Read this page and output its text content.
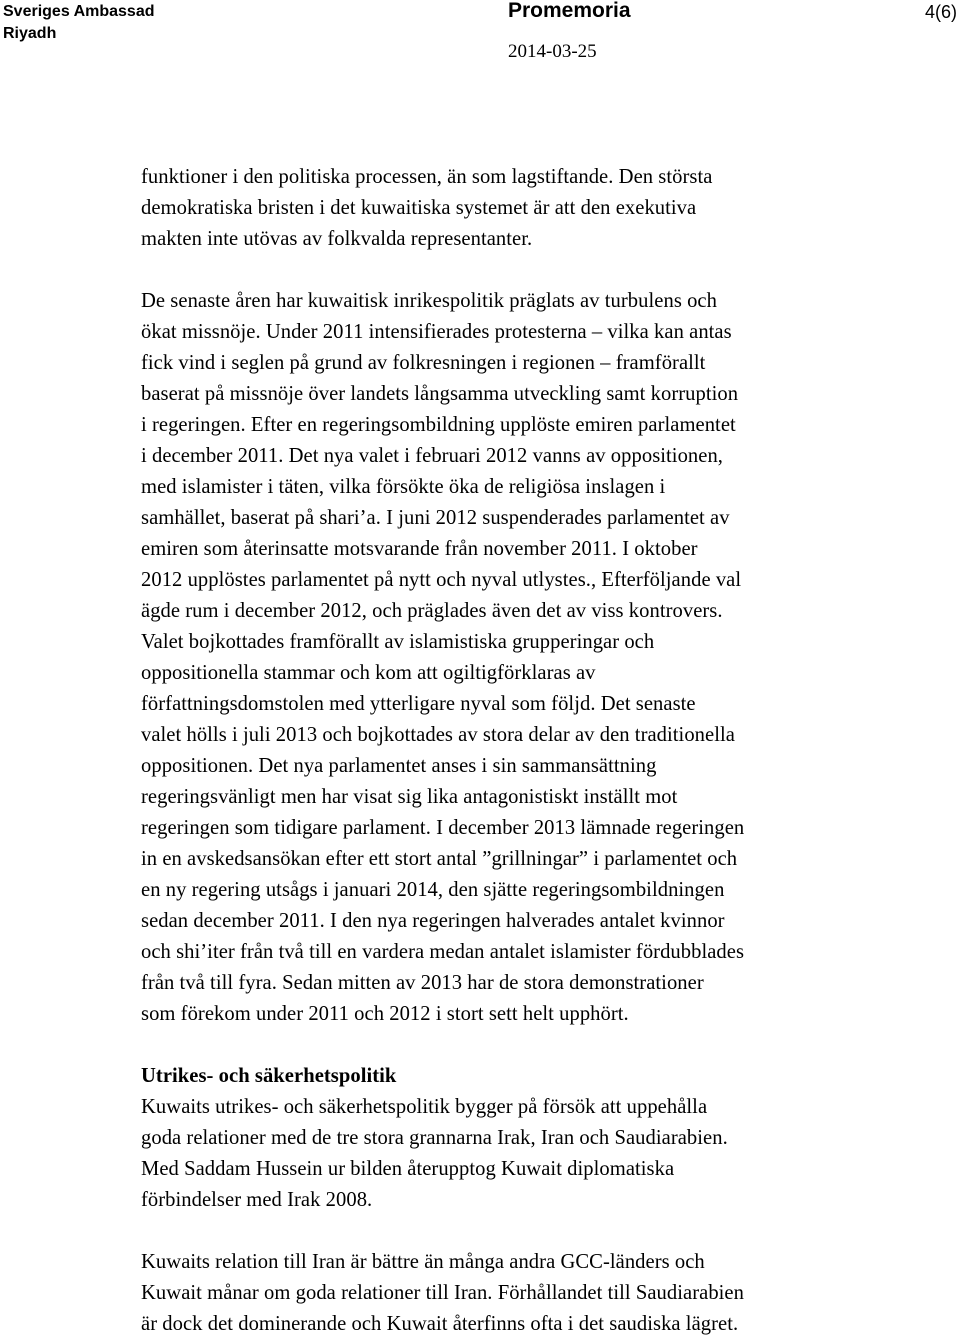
Sveriges Ambassad
Riyadh
Promemoria
2014-03-25
4(6)
funktioner i den politiska processen, än som lagstiftande. Den största
demokratiska bristen i det kuwaitiska systemet är att den exekutiva
makten inte utövas av folkvalda representanter.
De senaste åren har kuwaitisk inrikespolitik präglats av turbulens och
ökat missnöje. Under 2011 intensifierades protesterna – vilka kan antas
fick vind i seglen på grund av folkresningen i regionen – framförallt
baserat på missnöje över landets långsamma utveckling samt korruption
i regeringen. Efter en regeringsombildning upplöste emiren parlamentet
i december 2011. Det nya valet i februari 2012 vanns av oppositionen,
med islamister i täten, vilka försökte öka de religiösa inslagen i
samhället, baserat på shari’a. I juni 2012 suspenderades parlamentet av
emiren som återinsatte motsvarande från november 2011. I oktober
2012 upplöstes parlamentet på nytt och nyval utlystes., Efterföljande val
ägde rum i december 2012, och präglades även det av viss kontrovers.
Valet bojkottades framförallt av islamistiska grupperingar och
oppositionella stammar och kom att ogiltigförklaras av
författningsdomstolen med ytterligare nyval som följd. Det senaste
valet hölls i juli 2013 och bojkottades av stora delar av den traditionella
oppositionen. Det nya parlamentet anses i sin sammansättning
regeringsvänligt men har visat sig lika antagonistiskt inställt mot
regeringen som tidigare parlament. I december 2013 lämnade regeringen
in en avskedsansökan efter ett stort antal ”grillningar” i parlamentet och
en ny regering utsågs i januari 2014, den sjätte regeringsombildningen
sedan december 2011. I den nya regeringen halverades antalet kvinnor
och shi’iter från två till en vardera medan antalet islamister fördubblades
från två till fyra. Sedan mitten av 2013 har de stora demonstrationer
som förekom under 2011 och 2012 i stort sett helt upphört.
Utrikes- och säkerhetspolitik
Kuwaits utrikes- och säkerhetspolitik bygger på försök att uppehålla
goda relationer med de tre stora grannarna Irak, Iran och Saudiarabien.
Med Saddam Hussein ur bilden återupptog Kuwait diplomatiska
förbindelser med Irak 2008.
Kuwaits relation till Iran är bättre än många andra GCC-länders och
Kuwait månar om goda relationer till Iran. Förhållandet till Saudiarabien
är dock det dominerande och Kuwait återfinns ofta i det saudiska lägret.
